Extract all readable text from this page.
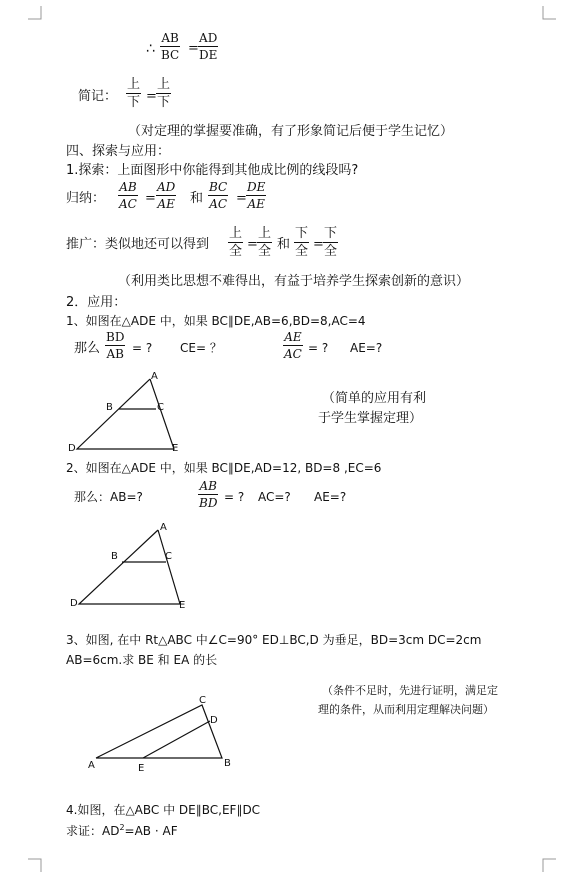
∴ $\frac{AB}{BC} = \frac{AD}{DE}$
简记：
上
下 =
上
下
（对定理的掌握要准确，有了形象简记后便于学生记忆）
四、探索与应用：
1.探索：上面图形中你能得到其他成比例的线段吗?
归纳： $\frac{AB}{AC} = \frac{AD}{AE}$ 和 $\frac{BC}{AC} = \frac{DE}{AE}$
推广：类似地还可以得到
上
全 =
上
全 和
下
全 =
下
全
（利用类比思想不难得出，有益于培养学生探索创新的意识）
2．应用：
1、如图在△ADE 中，如果 BC∥DE,AB=6,BD=8,AC=4
那么 $\frac{BD}{AB}$ = ? CE= ？	$\frac{AE}{AC}$ = ? AE=?
A
B	C
D	E
（简单的应用有利
于学生掌握定理）
2、如图在△ADE 中，如果 BC∥DE,AD=12, BD=8 ,EC=6
那么：AB=?	$\frac{AB}{BD}$ = ? AC=? AE=?
A
B	C
D	E
3、如图, 在中 Rt△ABC 中∠C=90° ED⊥BC,D 为垂足，BD=3cm DC=2cm
AB=6cm.求 BE 和 EA 的长
（条件不足时，先进行证明，满足定
理的条件，从而利用定理解决问题）
C
D
A	E	B
4.如图，在△ABC 中 DE∥BC,EF∥DC
求证：$AD^2=AB$ · AF
